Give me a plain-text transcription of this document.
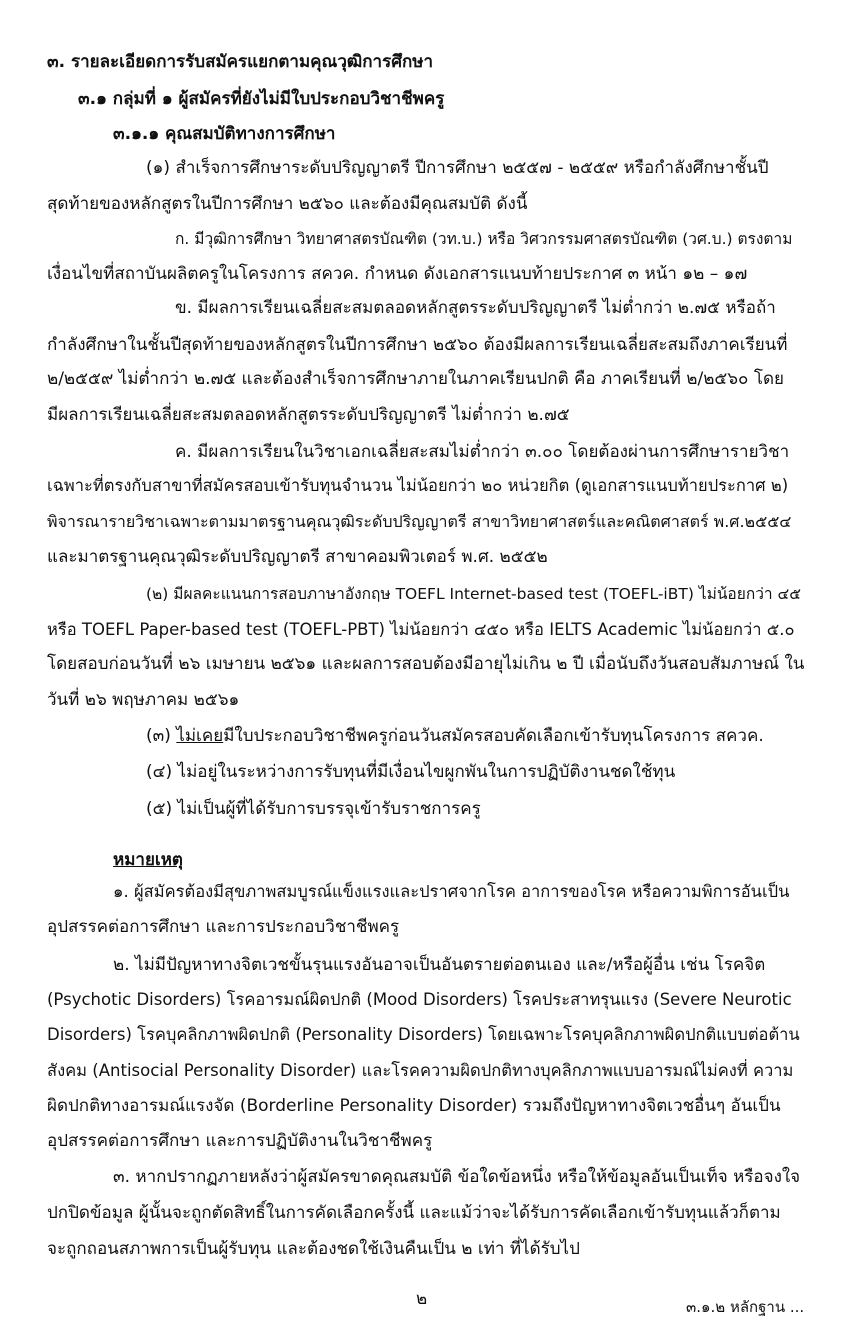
๓. รายละเอียดการรับสมัครแยกตามคุณวุฒิการศึกษา
๓.๑ กลุ่มที่ ๑ ผู้สมัครที่ยังไม่มีใบประกอบวิชาชีพครู
๓.๑.๑ คุณสมบัติทางการศึกษา
(๑) สำเร็จการศึกษาระดับปริญญาตรี ปีการศึกษา ๒๕๕๗ - ๒๕๕๙ หรือกำลังศึกษาชั้นปี
สุดท้ายของหลักสูตรในปีการศึกษา ๒๕๖๐ และต้องมีคุณสมบัติ ดังนี้
ก. มีวุฒิการศึกษา วิทยาศาสตรบัณฑิต (วท.บ.) หรือ วิศวกรรมศาสตรบัณฑิต (วศ.บ.) ตรงตาม
เงื่อนไขที่สถาบันผลิตครูในโครงการ สควค. กำหนด ดังเอกสารแนบท้ายประกาศ ๓ หน้า ๑๒ – ๑๗
ข. มีผลการเรียนเฉลี่ยสะสมตลอดหลักสูตรระดับปริญญาตรี ไม่ต่ำกว่า ๒.๗๕ หรือถ้า
กำลังศึกษาในชั้นปีสุดท้ายของหลักสูตรในปีการศึกษา ๒๕๖๐ ต้องมีผลการเรียนเฉลี่ยสะสมถึงภาคเรียนที่
๒/๒๕๕๙ ไม่ต่ำกว่า ๒.๗๕ และต้องสำเร็จการศึกษาภายในภาคเรียนปกติ คือ ภาคเรียนที่ ๒/๒๕๖๐ โดย
มีผลการเรียนเฉลี่ยสะสมตลอดหลักสูตรระดับปริญญาตรี ไม่ต่ำกว่า ๒.๗๕
ค. มีผลการเรียนในวิชาเอกเฉลี่ยสะสมไม่ต่ำกว่า ๓.๐๐ โดยต้องผ่านการศึกษารายวิชา
เฉพาะที่ตรงกับสาขาที่สมัครสอบเข้ารับทุนจำนวน ไม่น้อยกว่า ๒๐ หน่วยกิต (ดูเอกสารแนบท้ายประกาศ ๒)
พิจารณารายวิชาเฉพาะตามมาตรฐานคุณวุฒิระดับปริญญาตรี สาขาวิทยาศาสตร์และคณิตศาสตร์ พ.ศ.๒๕๕๔
และมาตรฐานคุณวุฒิระดับปริญญาตรี สาขาคอมพิวเตอร์ พ.ศ. ๒๕๕๒
(๒) มีผลคะแนนการสอบภาษาอังกฤษ TOEFL Internet-based test (TOEFL-iBT) ไม่น้อยกว่า ๔๕
หรือ TOEFL Paper-based test (TOEFL-PBT) ไม่น้อยกว่า ๔๕๐ หรือ IELTS Academic ไม่น้อยกว่า ๕.๐
โดยสอบก่อนวันที่ ๒๖ เมษายน ๒๕๖๑ และผลการสอบต้องมีอายุไม่เกิน ๒ ปี เมื่อนับถึงวันสอบสัมภาษณ์ ใน
วันที่ ๒๖ พฤษภาคม ๒๕๖๑
(๓) ไม่เคยมีใบประกอบวิชาชีพครูก่อนวันสมัครสอบคัดเลือกเข้ารับทุนโครงการ สควค.
(๔) ไม่อยู่ในระหว่างการรับทุนที่มีเงื่อนไขผูกพันในการปฏิบัติงานชดใช้ทุน
(๕) ไม่เป็นผู้ที่ได้รับการบรรจุเข้ารับราชการครู
หมายเหตุ
๑. ผู้สมัครต้องมีสุขภาพสมบูรณ์แข็งแรงและปราศจากโรค อาการของโรค หรือความพิการอันเป็น
อุปสรรคต่อการศึกษา และการประกอบวิชาชีพครู
๒. ไม่มีปัญหาทางจิตเวชขั้นรุนแรงอันอาจเป็นอันตรายต่อตนเอง และ/หรือผู้อื่น เช่น โรคจิต
(Psychotic Disorders) โรคอารมณ์ผิดปกติ (Mood Disorders) โรคประสาทรุนแรง (Severe Neurotic
Disorders) โรคบุคลิกภาพผิดปกติ (Personality Disorders) โดยเฉพาะโรคบุคลิกภาพผิดปกติแบบต่อต้าน
สังคม (Antisocial Personality Disorder) และโรคความผิดปกติทางบุคลิกภาพแบบอารมณ์ไม่คงที่ ความ
ผิดปกติทางอารมณ์แรงจัด (Borderline Personality Disorder) รวมถึงปัญหาทางจิตเวชอื่นๆ อันเป็น
อุปสรรคต่อการศึกษา และการปฏิบัติงานในวิชาชีพครู
๓. หากปรากฏภายหลังว่าผู้สมัครขาดคุณสมบัติ ข้อใดข้อหนึ่ง หรือให้ข้อมูลอันเป็นเท็จ หรือจงใจ
ปกปิดข้อมูล ผู้นั้นจะถูกตัดสิทธิ์ในการคัดเลือกครั้งนี้ และแม้ว่าจะได้รับการคัดเลือกเข้ารับทุนแล้วก็ตาม
จะถูกถอนสภาพการเป็นผู้รับทุน และต้องชดใช้เงินคืนเป็น ๒ เท่า ที่ได้รับไป
๒	๓.๑.๒ หลักฐาน ...
